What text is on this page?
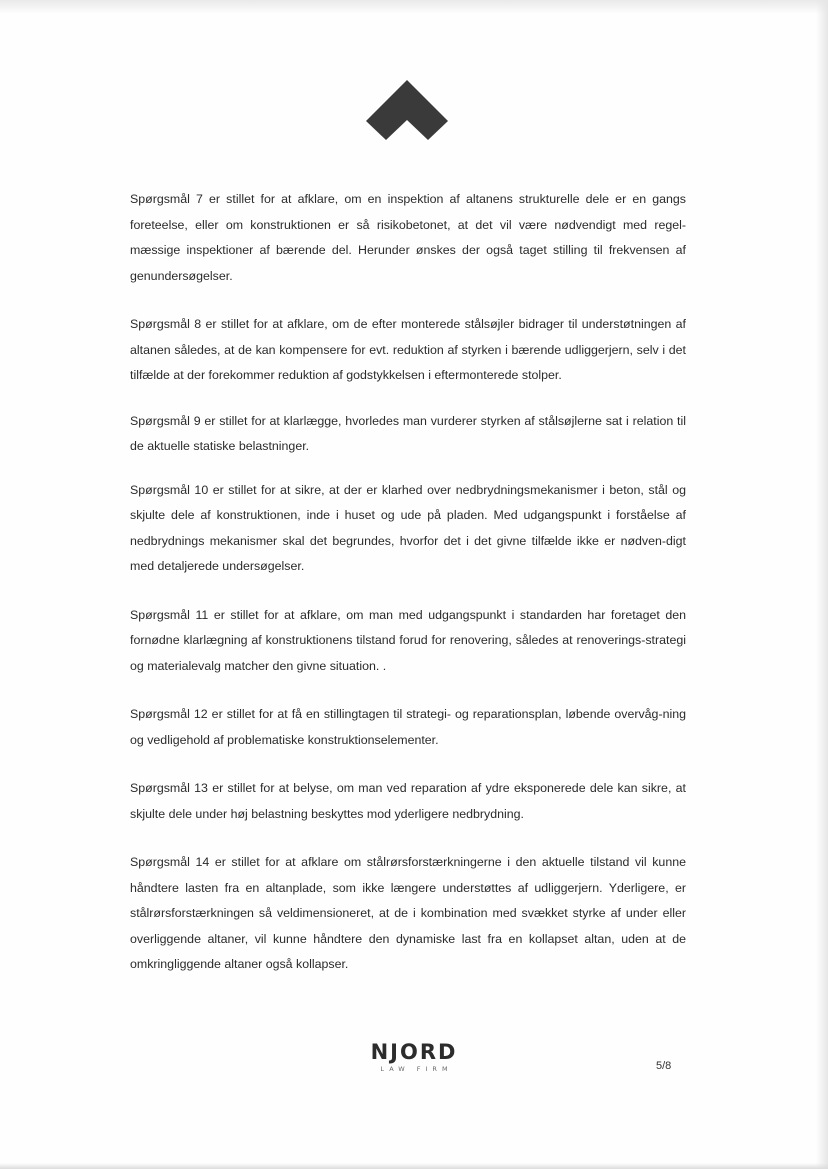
Spørgsmål 7 er stillet for at afklare, om en inspektion af altanens strukturelle dele er en gangs foreteelse, eller om konstruktionen er så risikobetonet, at det vil være nødvendigt med regel-mæssige inspektioner af bærende del. Herunder ønskes der også taget stilling til frekvensen af genundersøgelser.

Spørgsmål 8 er stillet for at afklare, om de efter monterede stålsøjler bidrager til understøtningen af altanen således, at de kan kompensere for evt. reduktion af styrken i bærende udliggerjern, selv i det tilfælde at der forekommer reduktion af godstykkelsen i eftermonterede stolper.

Spørgsmål 9 er stillet for at klarlægge, hvorledes man vurderer styrken af stålsøjlerne sat i relation til de aktuelle statiske belastninger.

Spørgsmål 10 er stillet for at sikre, at der er klarhed over nedbrydningsmekanismer i beton, stål og skjulte dele af konstruktionen, inde i huset og ude på pladen. Med udgangspunkt i forståelse af nedbrydnings mekanismer skal det begrundes, hvorfor det i det givne tilfælde ikke er nødven-digt med detaljerede undersøgelser.

Spørgsmål 11 er stillet for at afklare, om man med udgangspunkt i standarden har foretaget den fornødne klarlægning af konstruktionens tilstand forud for renovering, således at renoverings-strategi og materialevalg matcher den givne situation. .

Spørgsmål 12 er stillet for at få en stillingtagen til strategi- og reparationsplan, løbende overvåg-ning og vedligehold af problematiske konstruktionselementer.

Spørgsmål 13 er stillet for at belyse, om man ved reparation af ydre eksponerede dele kan sikre, at skjulte dele under høj belastning beskyttes mod yderligere nedbrydning.

Spørgsmål 14 er stillet for at afklare om stålrørsforstærkningerne i den aktuelle tilstand vil kunne håndtere lasten fra en altanplade, som ikke længere understøttes af udliggerjern. Yderligere, er stålrørsforstærkningen så veldimensioneret, at de i kombination med svækket styrke af under eller overliggende altaner, vil kunne håndtere den dynamiske last fra en kollapset altan, uden at de omkringliggende altaner også kollapser.

NJORD
LAW FIRM	5/8
